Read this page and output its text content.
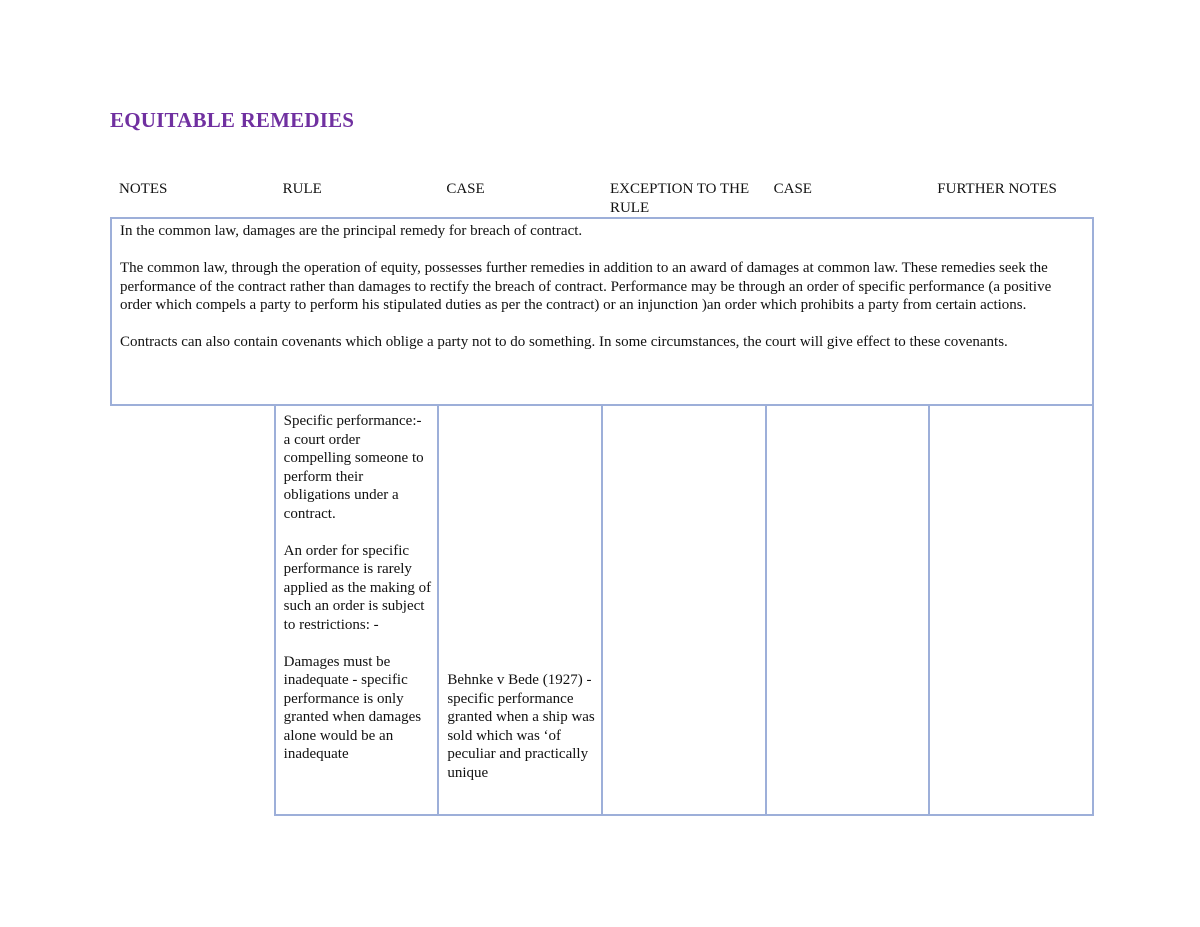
EQUITABLE REMEDIES
NOTES	RULE	CASE	EXCEPTION TO THE RULE	CASE	FURTHER NOTES

In the common law, damages are the principal remedy for breach of contract.

The common law, through the operation of equity, possesses further remedies in addition to an award of damages at common law. These remedies seek the performance of the contract rather than damages to rectify the breach of contract. Performance may be through an order of specific performance (a positive order which compels a party to perform his stipulated duties as per the contract) or an injunction )an order which prohibits a party from certain actions.

Contracts can also contain covenants which oblige a party not to do something. In some circumstances, the court will give effect to these covenants.					

	Specific performance:- a court order compelling someone to perform their obligations under a contract.

An order for specific performance is rarely applied as the making of such an order is subject to restrictions: -

Damages must be inadequate - specific performance is only granted when damages alone would be an inadequate	Behnke v Bede (1927) - specific performance granted when a ship was sold which was ‘of peculiar and practically unique			
